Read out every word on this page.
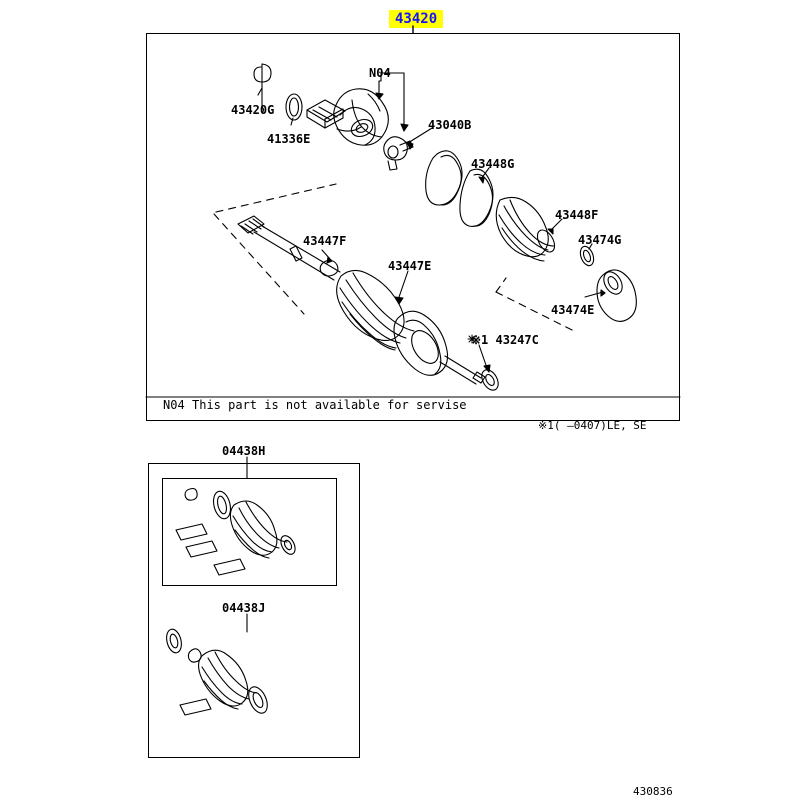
43420
43420G
41336E
N04
43040B
43448G
43448F
43474G
43474E
43447F
43447E
※1 43247C
04438H
04438J
N04 This part is not available for servise
※1( –0407)LE, SE
430836
